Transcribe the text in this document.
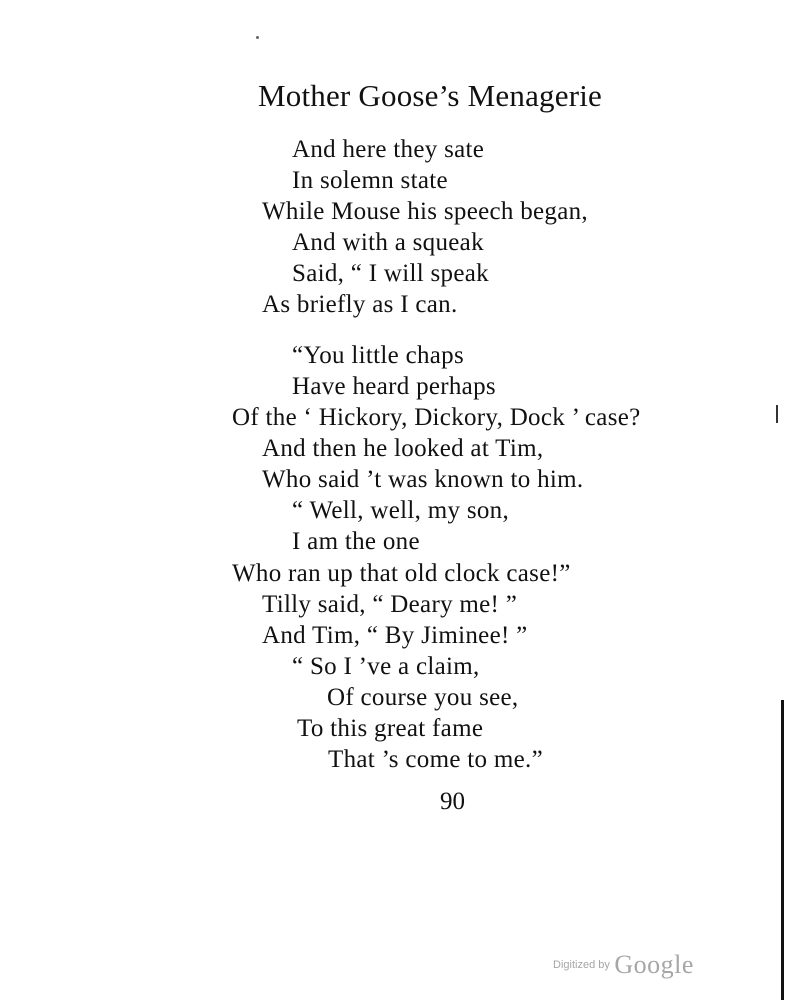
Mother Goose’s Menagerie
And here they sate
In solemn state
While Mouse his speech began,
And with a squeak
Said, “ I will speak
As briefly as I can.
“You little chaps
Have heard perhaps
Of the ‘ Hickory, Dickory, Dock ’ case?
And then he looked at Tim,
Who said ’t was known to him.
“ Well, well, my son,
I am the one
Who ran up that old clock case!”
Tilly said, “ Deary me! ”
And Tim, “ By Jiminee! ”
“ So I ’ve a claim,
Of course you see,
To this great fame
That ’s come to me.”
90
Digitized by Google
